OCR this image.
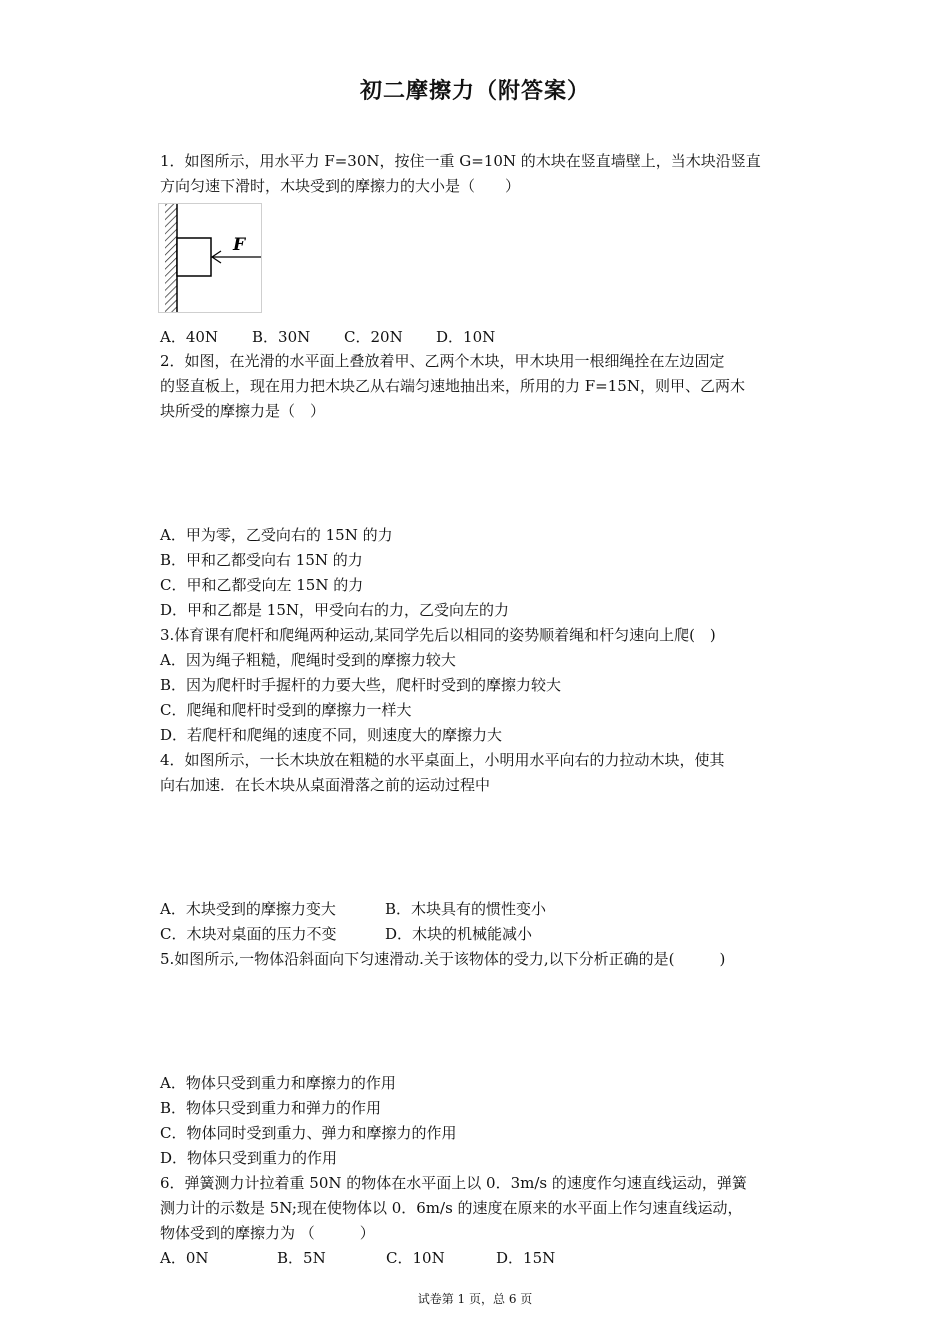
初二摩擦力（附答案）
1．如图所示，用水平力 F=30N，按住一重 G=10N 的木块在竖直墙壁上，当木块沿竖直
方向匀速下滑时，木块受到的摩擦力的大小是（　　）
F
A．40N B．30N C．20N D．10N
2．如图，在光滑的水平面上叠放着甲、乙两个木块，甲木块用一根细绳拴在左边固定
的竖直板上，现在用力把木块乙从右端匀速地抽出来，所用的力 F=15N，则甲、乙两木
块所受的摩擦力是（　）
A．甲为零，乙受向右的 15N 的力
B．甲和乙都受向右 15N 的力
C．甲和乙都受向左 15N 的力
D．甲和乙都是 15N，甲受向右的力，乙受向左的力
3.体育课有爬杆和爬绳两种运动,某同学先后以相同的姿势顺着绳和杆匀速向上爬(　)
A．因为绳子粗糙，爬绳时受到的摩擦力较大
B．因为爬杆时手握杆的力要大些，爬杆时受到的摩擦力较大
C．爬绳和爬杆时受到的摩擦力一样大
D．若爬杆和爬绳的速度不同，则速度大的摩擦力大
4．如图所示，一长木块放在粗糙的水平桌面上，小明用水平向右的力拉动木块，使其
向右加速．在长木块从桌面滑落之前的运动过程中
A．木块受到的摩擦力变大	B．木块具有的惯性变小
C．木块对桌面的压力不变	D．木块的机械能减小
5.如图所示,一物体沿斜面向下匀速滑动.关于该物体的受力,以下分析正确的是(　　　)
A．物体只受到重力和摩擦力的作用
B．物体只受到重力和弹力的作用
C．物体同时受到重力、弹力和摩擦力的作用
D．物体只受到重力的作用
6．弹簧测力计拉着重 50N 的物体在水平面上以 0．3m/s 的速度作匀速直线运动，弹簧
测力计的示数是 5N;现在使物体以 0．6m/s 的速度在原来的水平面上作匀速直线运动，
物体受到的摩擦力为 （　　　）
A．0N	B．5N	C．10N	D．15N
试卷第 1 页，总 6 页
